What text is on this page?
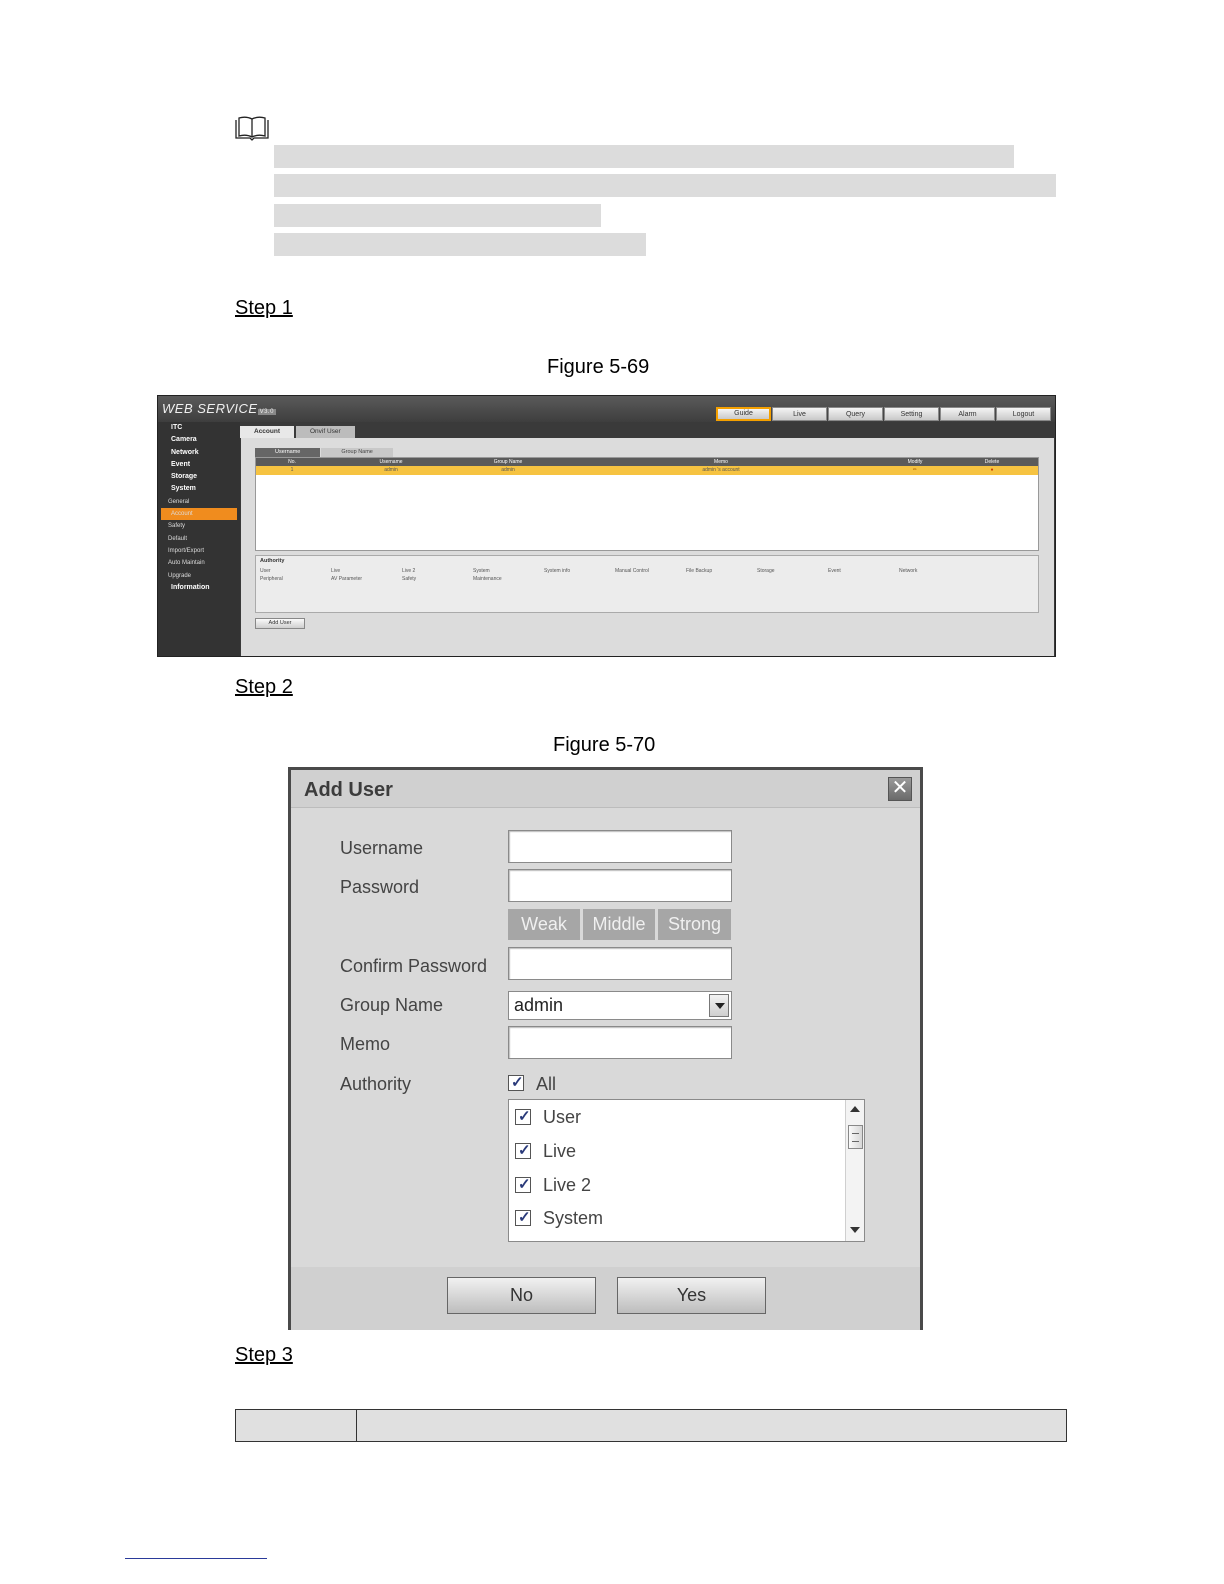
Step 1
Figure 5-69
WEB SERVICE V3.0	Guide	Live	Query	Setting	Alarm	Logout
ITC
Camera
Network
Event
Storage
System
General
Account
Safety
Default
Import/Export
Auto Maintain
Upgrade
Information
Account	Onvif User
Username	Group Name
No.	Username	Group Name	Memo	Modify	Delete
1	admin	admin	admin 's account	✏	●
Authority
User	Live	Live 2	System	System info	Manual Control	File Backup	Storage	Event	Network
Peripheral	AV Parameter	Safety	Maintenance
Add User
Step 2
Figure 5-70
Add User	✕
Username
Password
Weak	Middle	Strong
Confirm Password
Group Name	admin
Memo
Authority
✓	All
✓
User
✓
Live
✓
Live 2
✓
System
No	Yes
Step 3
